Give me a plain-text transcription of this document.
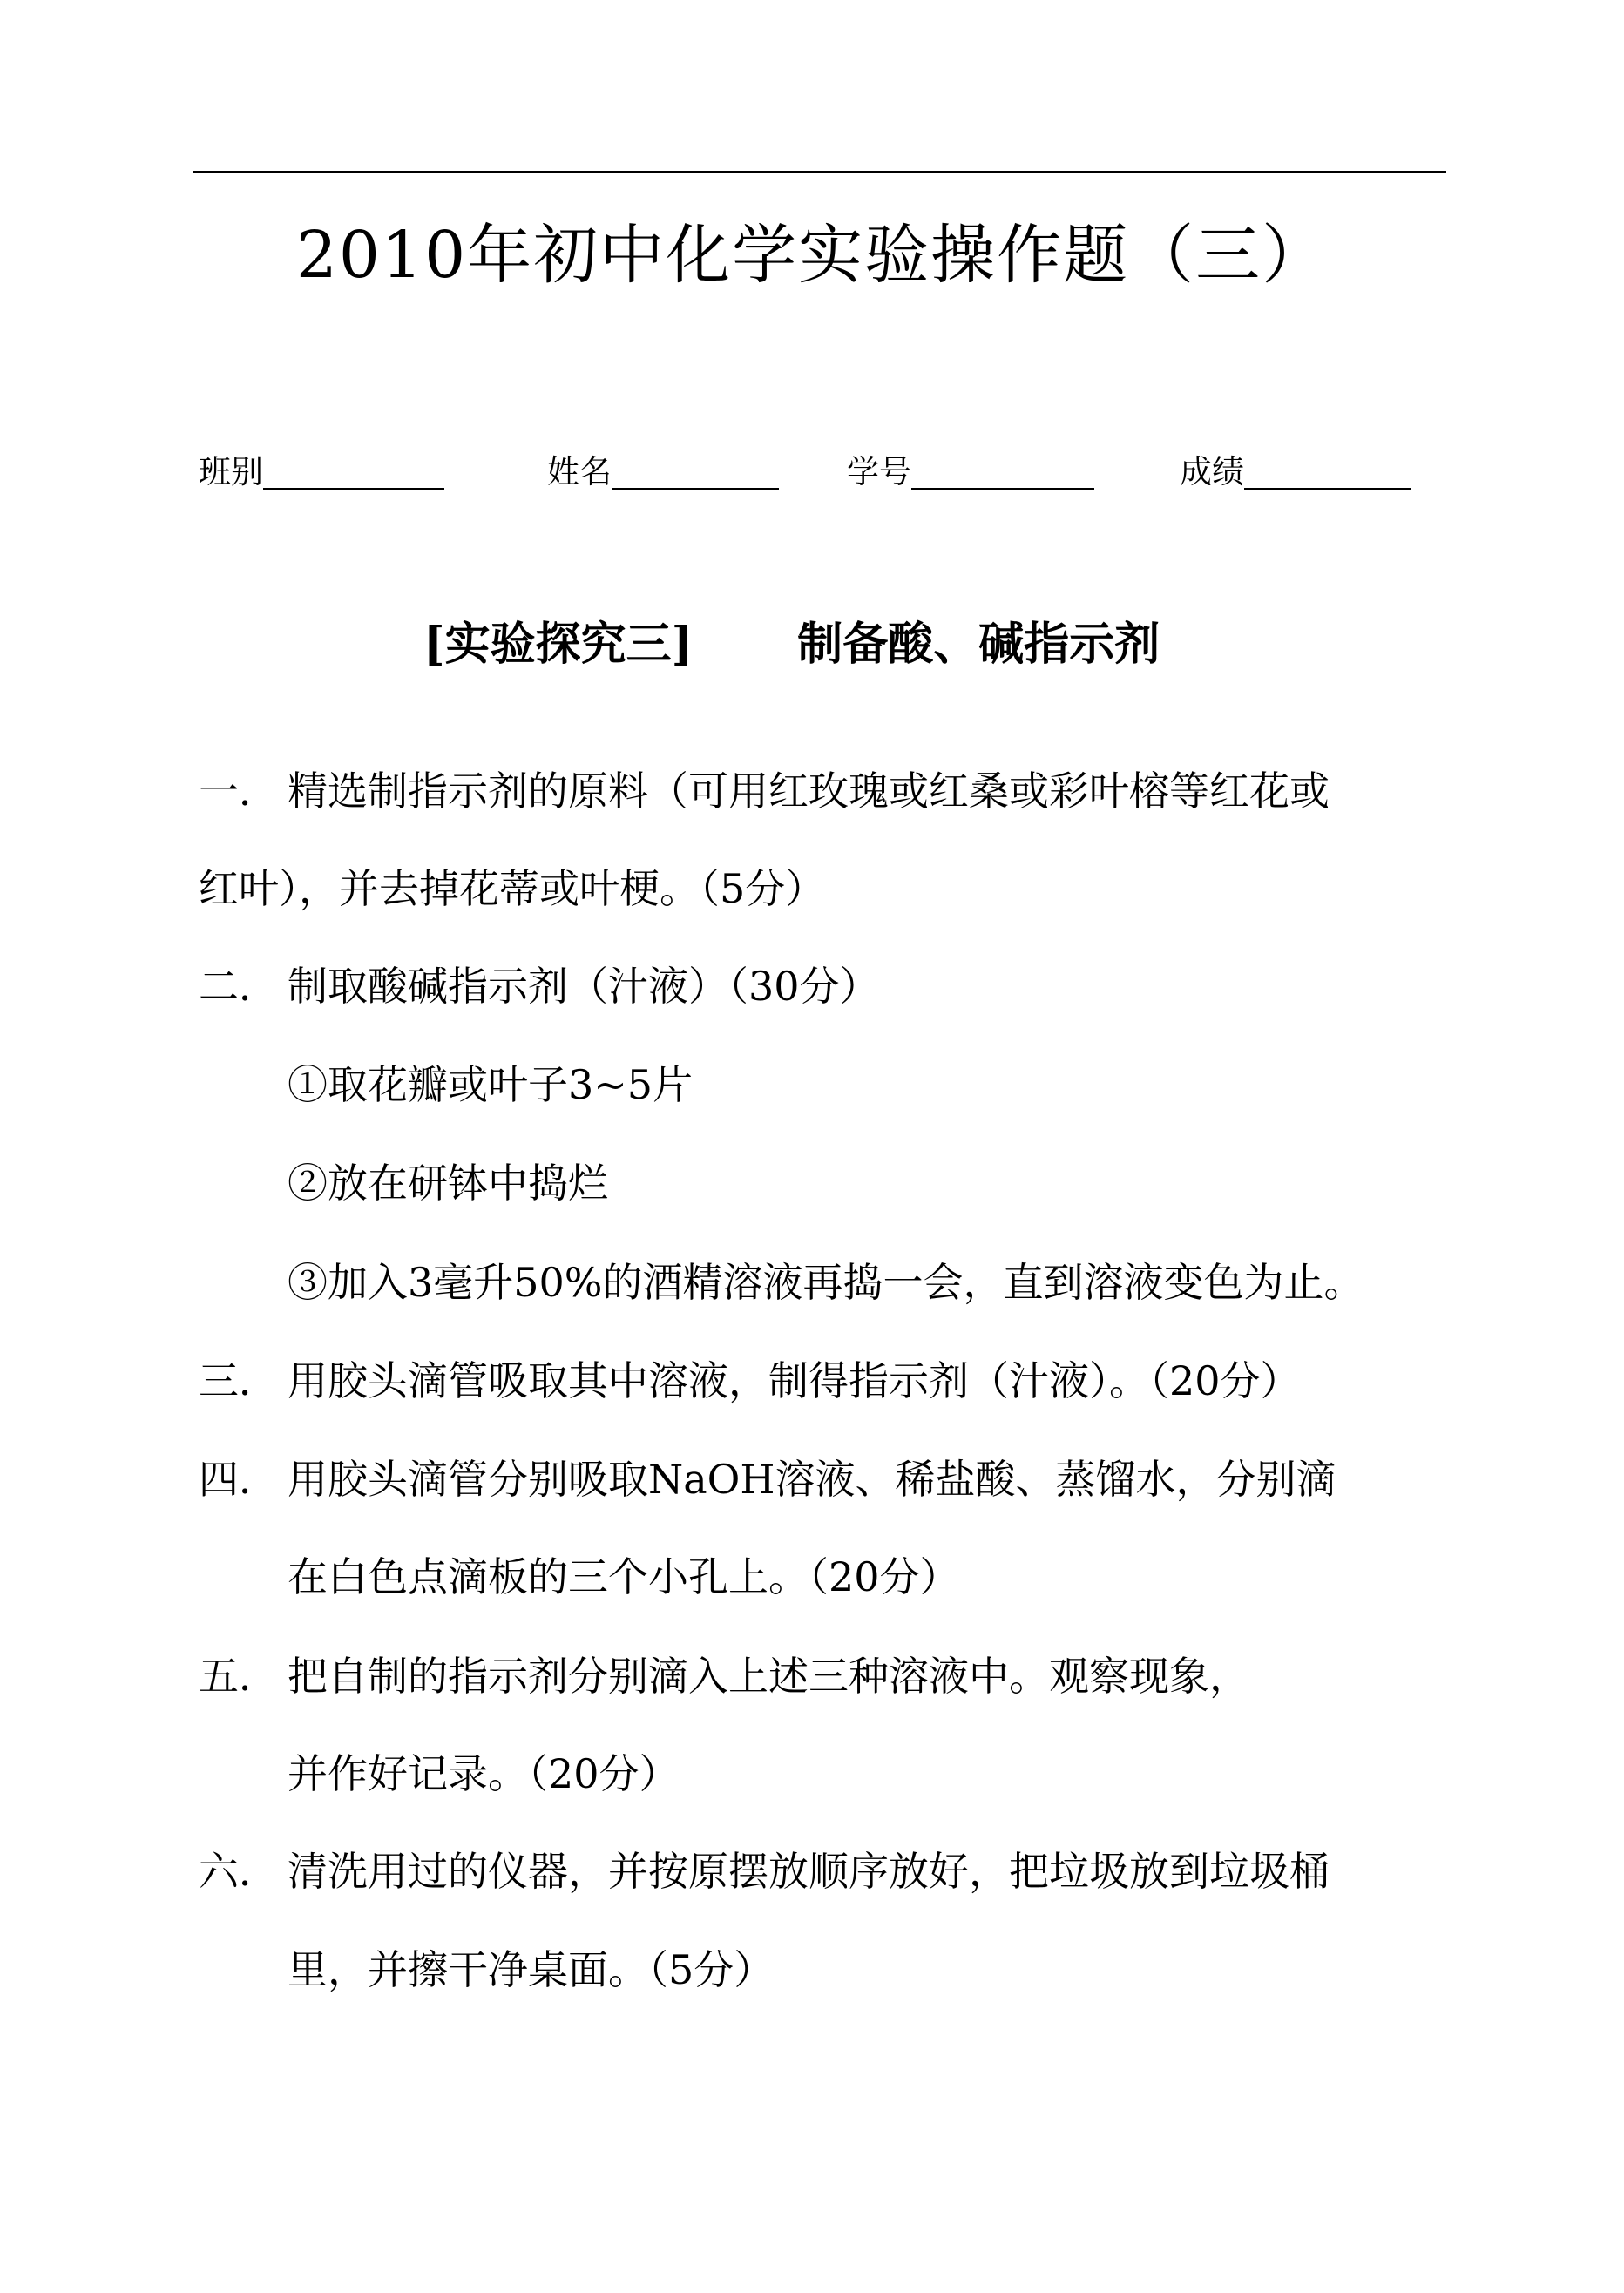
2010年初中化学实验操作题（三）
班别	姓名	学号	成绩
[实验探究三] 制备酸、碱指示剂
一． 精选制指示剂的原料（可用红玫瑰或红桑或彩叶榕等红花或
红叶），并去掉花蒂或叶梗。（5分）
二． 制取酸碱指示剂（汁液）（30分）
①取花瓣或叶子3~5片
②放在研钵中捣烂
③加入3毫升50%的酒精溶液再捣一会，直到溶液变色为止。
三． 用胶头滴管吸取其中溶液，制得指示剂（汁液）。（20分）
四． 用胶头滴管分别吸取NaOH溶液、稀盐酸、蒸馏水，分别滴
在白色点滴板的三个小孔上。（20分）
五． 把自制的指示剂分别滴入上述三种溶液中。观察现象，
并作好记录。（20分）
六． 清洗用过的仪器，并按原摆放顺序放好，把垃圾放到垃圾桶
里，并擦干净桌面。（5分）
